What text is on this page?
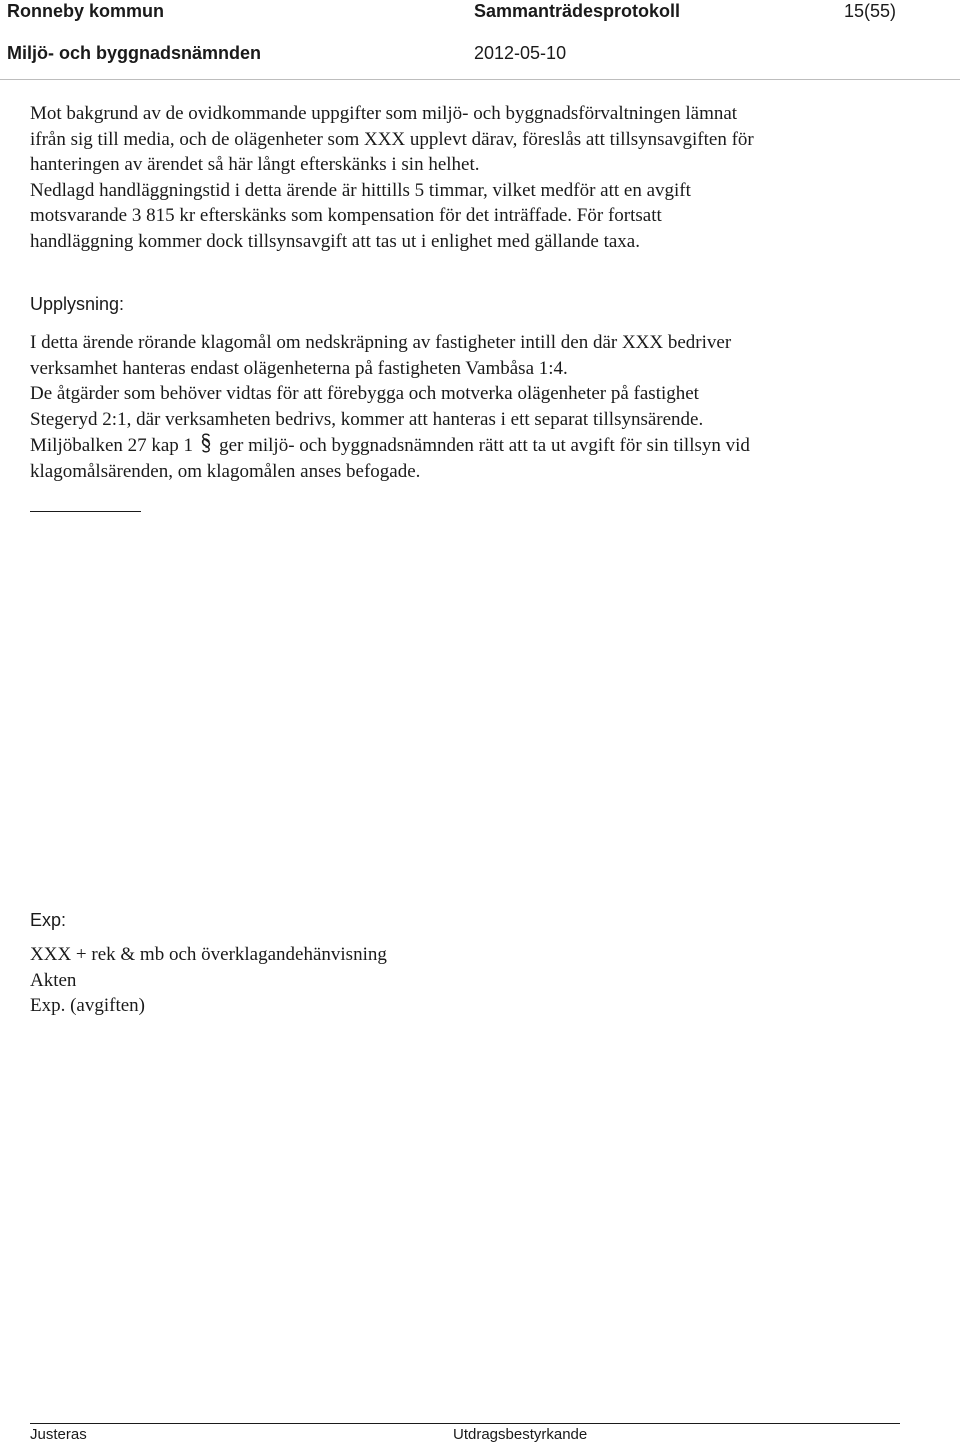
Ronneby kommun	Sammanträdesprotokoll	15(55)
Miljö- och byggnadsnämnden	2012-05-10

Mot bakgrund av de ovidkommande uppgifter som miljö- och byggnadsförvaltningen lämnat

ifrån sig till media, och de olägenheter som XXX upplevt därav, föreslås att tillsynsavgiften för

hanteringen av ärendet så här långt efterskänks i sin helhet.

Nedlagd handläggningstid i detta ärende är hittills 5 timmar, vilket medför att en avgift

motsvarande 3 815 kr efterskänks som kompensation för det inträffade. För fortsatt

handläggning kommer dock tillsynsavgift att tas ut i enlighet med gällande taxa.

Upplysning:

I detta ärende rörande klagomål om nedskräpning av fastigheter intill den där XXX bedriver

verksamhet hanteras endast olägenheterna på fastigheten Vambåsa 1:4.

De åtgärder som behöver vidtas för att förebygga och motverka olägenheter på fastighet

Stegeryd 2:1, där verksamheten bedrivs, kommer att hanteras i ett separat tillsynsärende.

Miljöbalken 27 kap 1 ger miljö- och byggnadsnämnden rätt att ta ut avgift för sin tillsyn vid

klagomålsärenden, om klagomålen anses befogade.

Exp:

XXX + rek & mb och överklagandehänvisning

Akten

Exp. (avgiften)

Justeras	Utdragsbestyrkande
